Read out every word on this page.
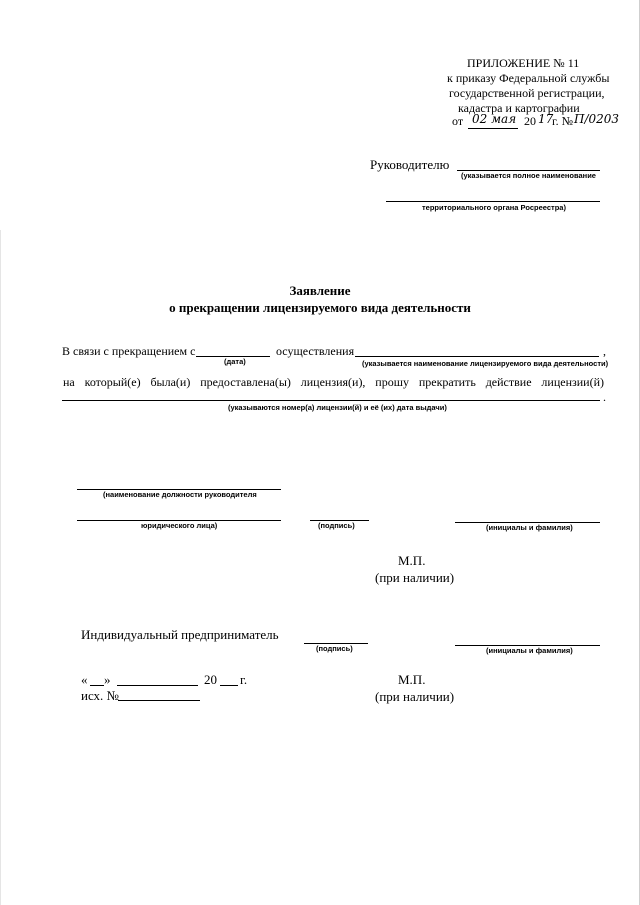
ПРИЛОЖЕНИЕ № 11
к приказу Федеральной службы
государственной регистрации,
кадастра и картографии
от 02 мая 20 17
г. № П/0203
Руководителю
(указывается полное наименование
территориального органа Росреестра)
Заявление
о прекращении лицензируемого вида деятельности
В связи с прекращением с
(дата)
осуществления
(указывается наименование лицензируемого вида деятельности)
,
на который(е) была(и) предоставлена(ы) лицензия(и), прошу прекратить действие лицензии(й)
.
(указываются номер(а) лицензии(й) и её (их) дата выдачи)
(наименование должности руководителя
юридического лица)	(подпись)	(инициалы и фамилия)
М.П.
(при наличии)
Индивидуальный предприниматель
(подпись)	(инициалы и фамилия)
« »	20 г.
исх. №
М.П.
(при наличии)
